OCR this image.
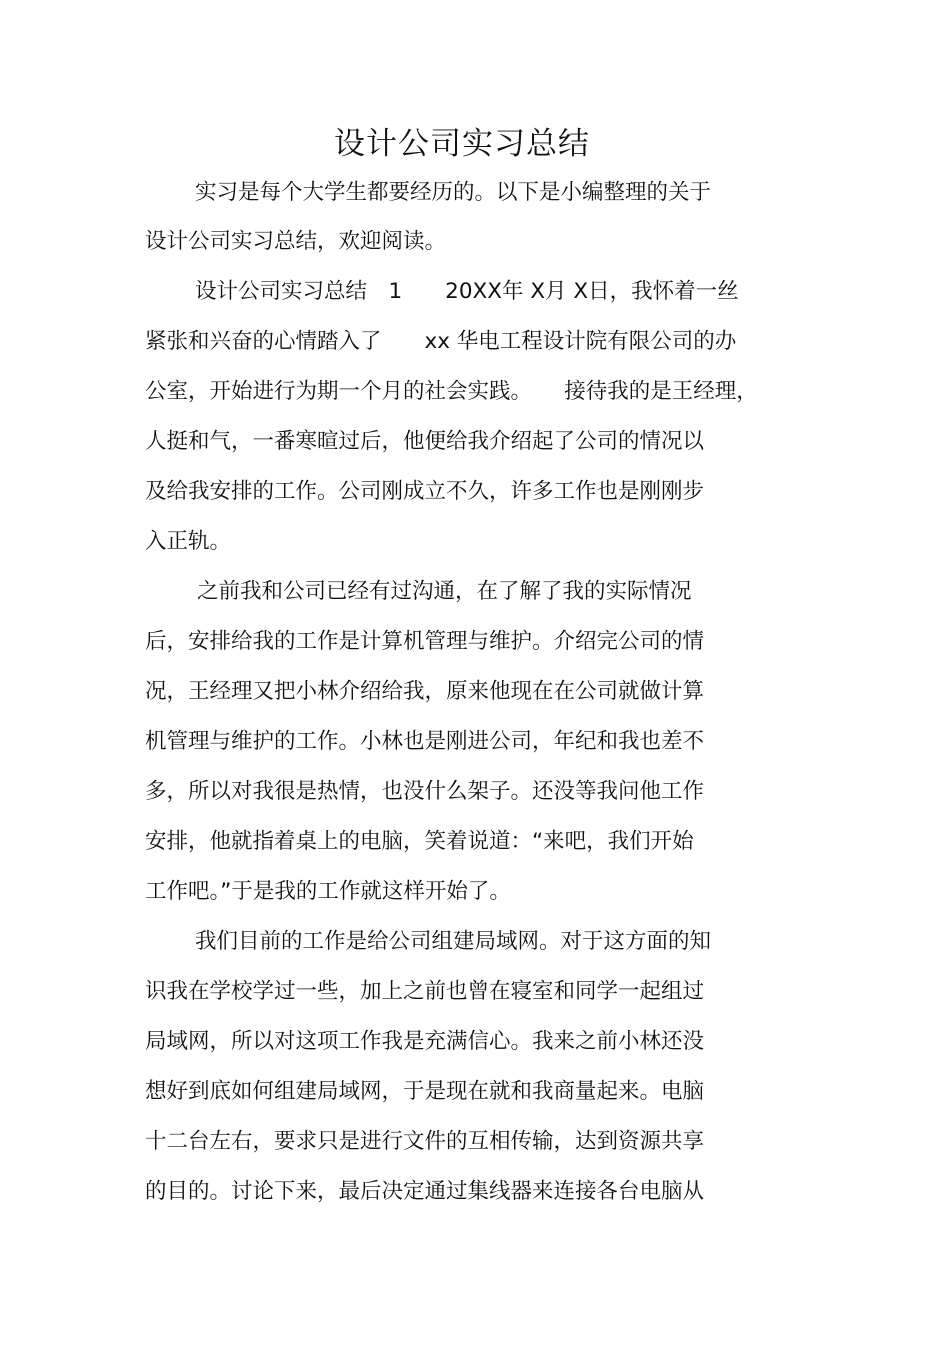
设计公司实习总结
实习是每个大学生都要经历的。以下是小编整理的关于
设计公司实习总结，欢迎阅读。
设计公司实习总结　1　　20XX年 X月 X日，我怀着一丝
紧张和兴奋的心情踏入了　　xx 华电工程设计院有限公司的办
公室，开始进行为期一个月的社会实践。　　接待我的是王经理，
人挺和气，一番寒暄过后，他便给我介绍起了公司的情况以
及给我安排的工作。公司刚成立不久，许多工作也是刚刚步
入正轨。
之前我和公司已经有过沟通，在了解了我的实际情况
后，安排给我的工作是计算机管理与维护。介绍完公司的情
况，王经理又把小林介绍给我，原来他现在在公司就做计算
机管理与维护的工作。小林也是刚进公司，年纪和我也差不
多，所以对我很是热情，也没什么架子。还没等我问他工作
安排，他就指着桌上的电脑，笑着说道：“来吧，我们开始
工作吧。”于是我的工作就这样开始了。
我们目前的工作是给公司组建局域网。对于这方面的知
识我在学校学过一些，加上之前也曾在寝室和同学一起组过
局域网，所以对这项工作我是充满信心。我来之前小林还没
想好到底如何组建局域网，于是现在就和我商量起来。电脑
十二台左右，要求只是进行文件的互相传输，达到资源共享
的目的。讨论下来，最后决定通过集线器来连接各台电脑从
